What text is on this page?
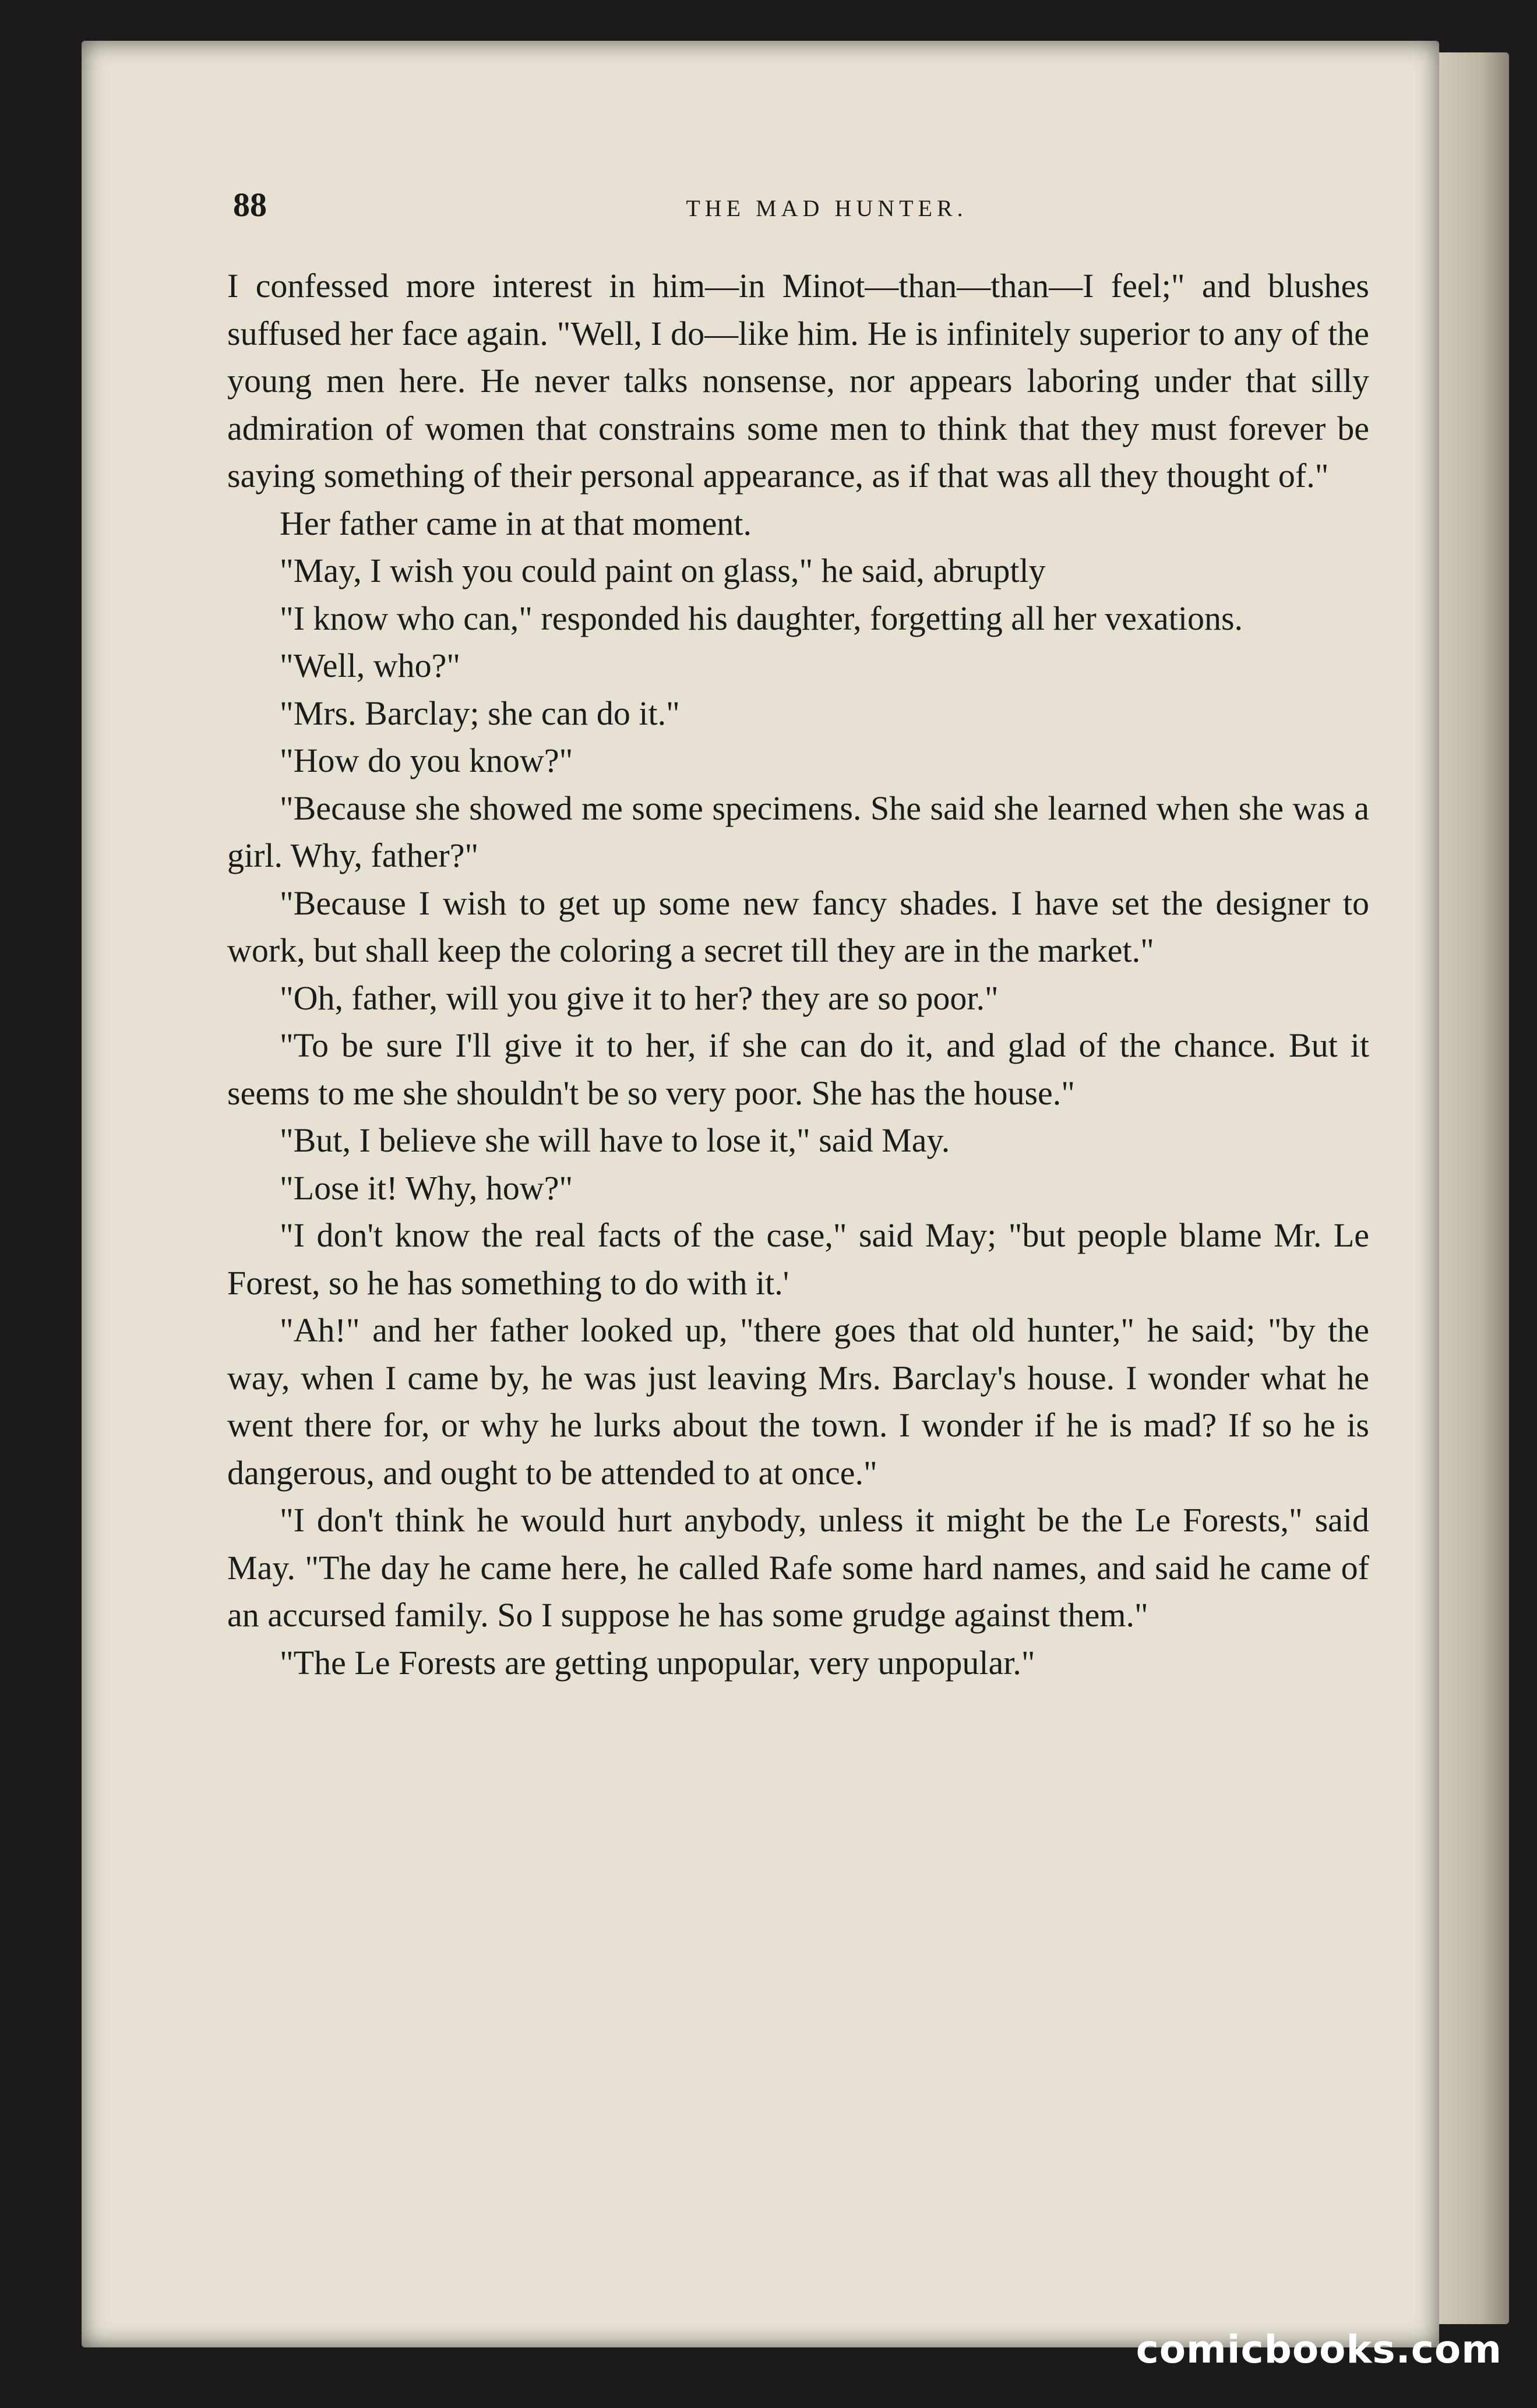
88	THE MAD HUNTER.

I confessed more interest in him—in Minot—than—than—I feel;" and blushes suffused her face again. "Well, I do—like him. He is infinitely superior to any of the young men here. He never talks nonsense, nor appears laboring under that silly admiration of women that constrains some men to think that they must forever be saying something of their personal appearance, as if that was all they thought of."

Her father came in at that moment.

"May, I wish you could paint on glass," he said, abruptly

"I know who can," responded his daughter, forgetting all her vexations.

"Well, who?"

"Mrs. Barclay; she can do it."

"How do you know?"

"Because she showed me some specimens. She said she learned when she was a girl. Why, father?"

"Because I wish to get up some new fancy shades. I have set the designer to work, but shall keep the coloring a secret till they are in the market."

"Oh, father, will you give it to her? they are so poor."

"To be sure I'll give it to her, if she can do it, and glad of the chance. But it seems to me she shouldn't be so very poor. She has the house."

"But, I believe she will have to lose it," said May.

"Lose it! Why, how?"

"I don't know the real facts of the case," said May; "but people blame Mr. Le Forest, so he has something to do with it.'

"Ah!" and her father looked up, "there goes that old hunter," he said; "by the way, when I came by, he was just leaving Mrs. Barclay's house. I wonder what he went there for, or why he lurks about the town. I wonder if he is mad? If so he is dangerous, and ought to be attended to at once."

"I don't think he would hurt anybody, unless it might be the Le Forests," said May. "The day he came here, he called Rafe some hard names, and said he came of an accursed family. So I suppose he has some grudge against them."

"The Le Forests are getting unpopular, very unpopular."

comicbooks.com
